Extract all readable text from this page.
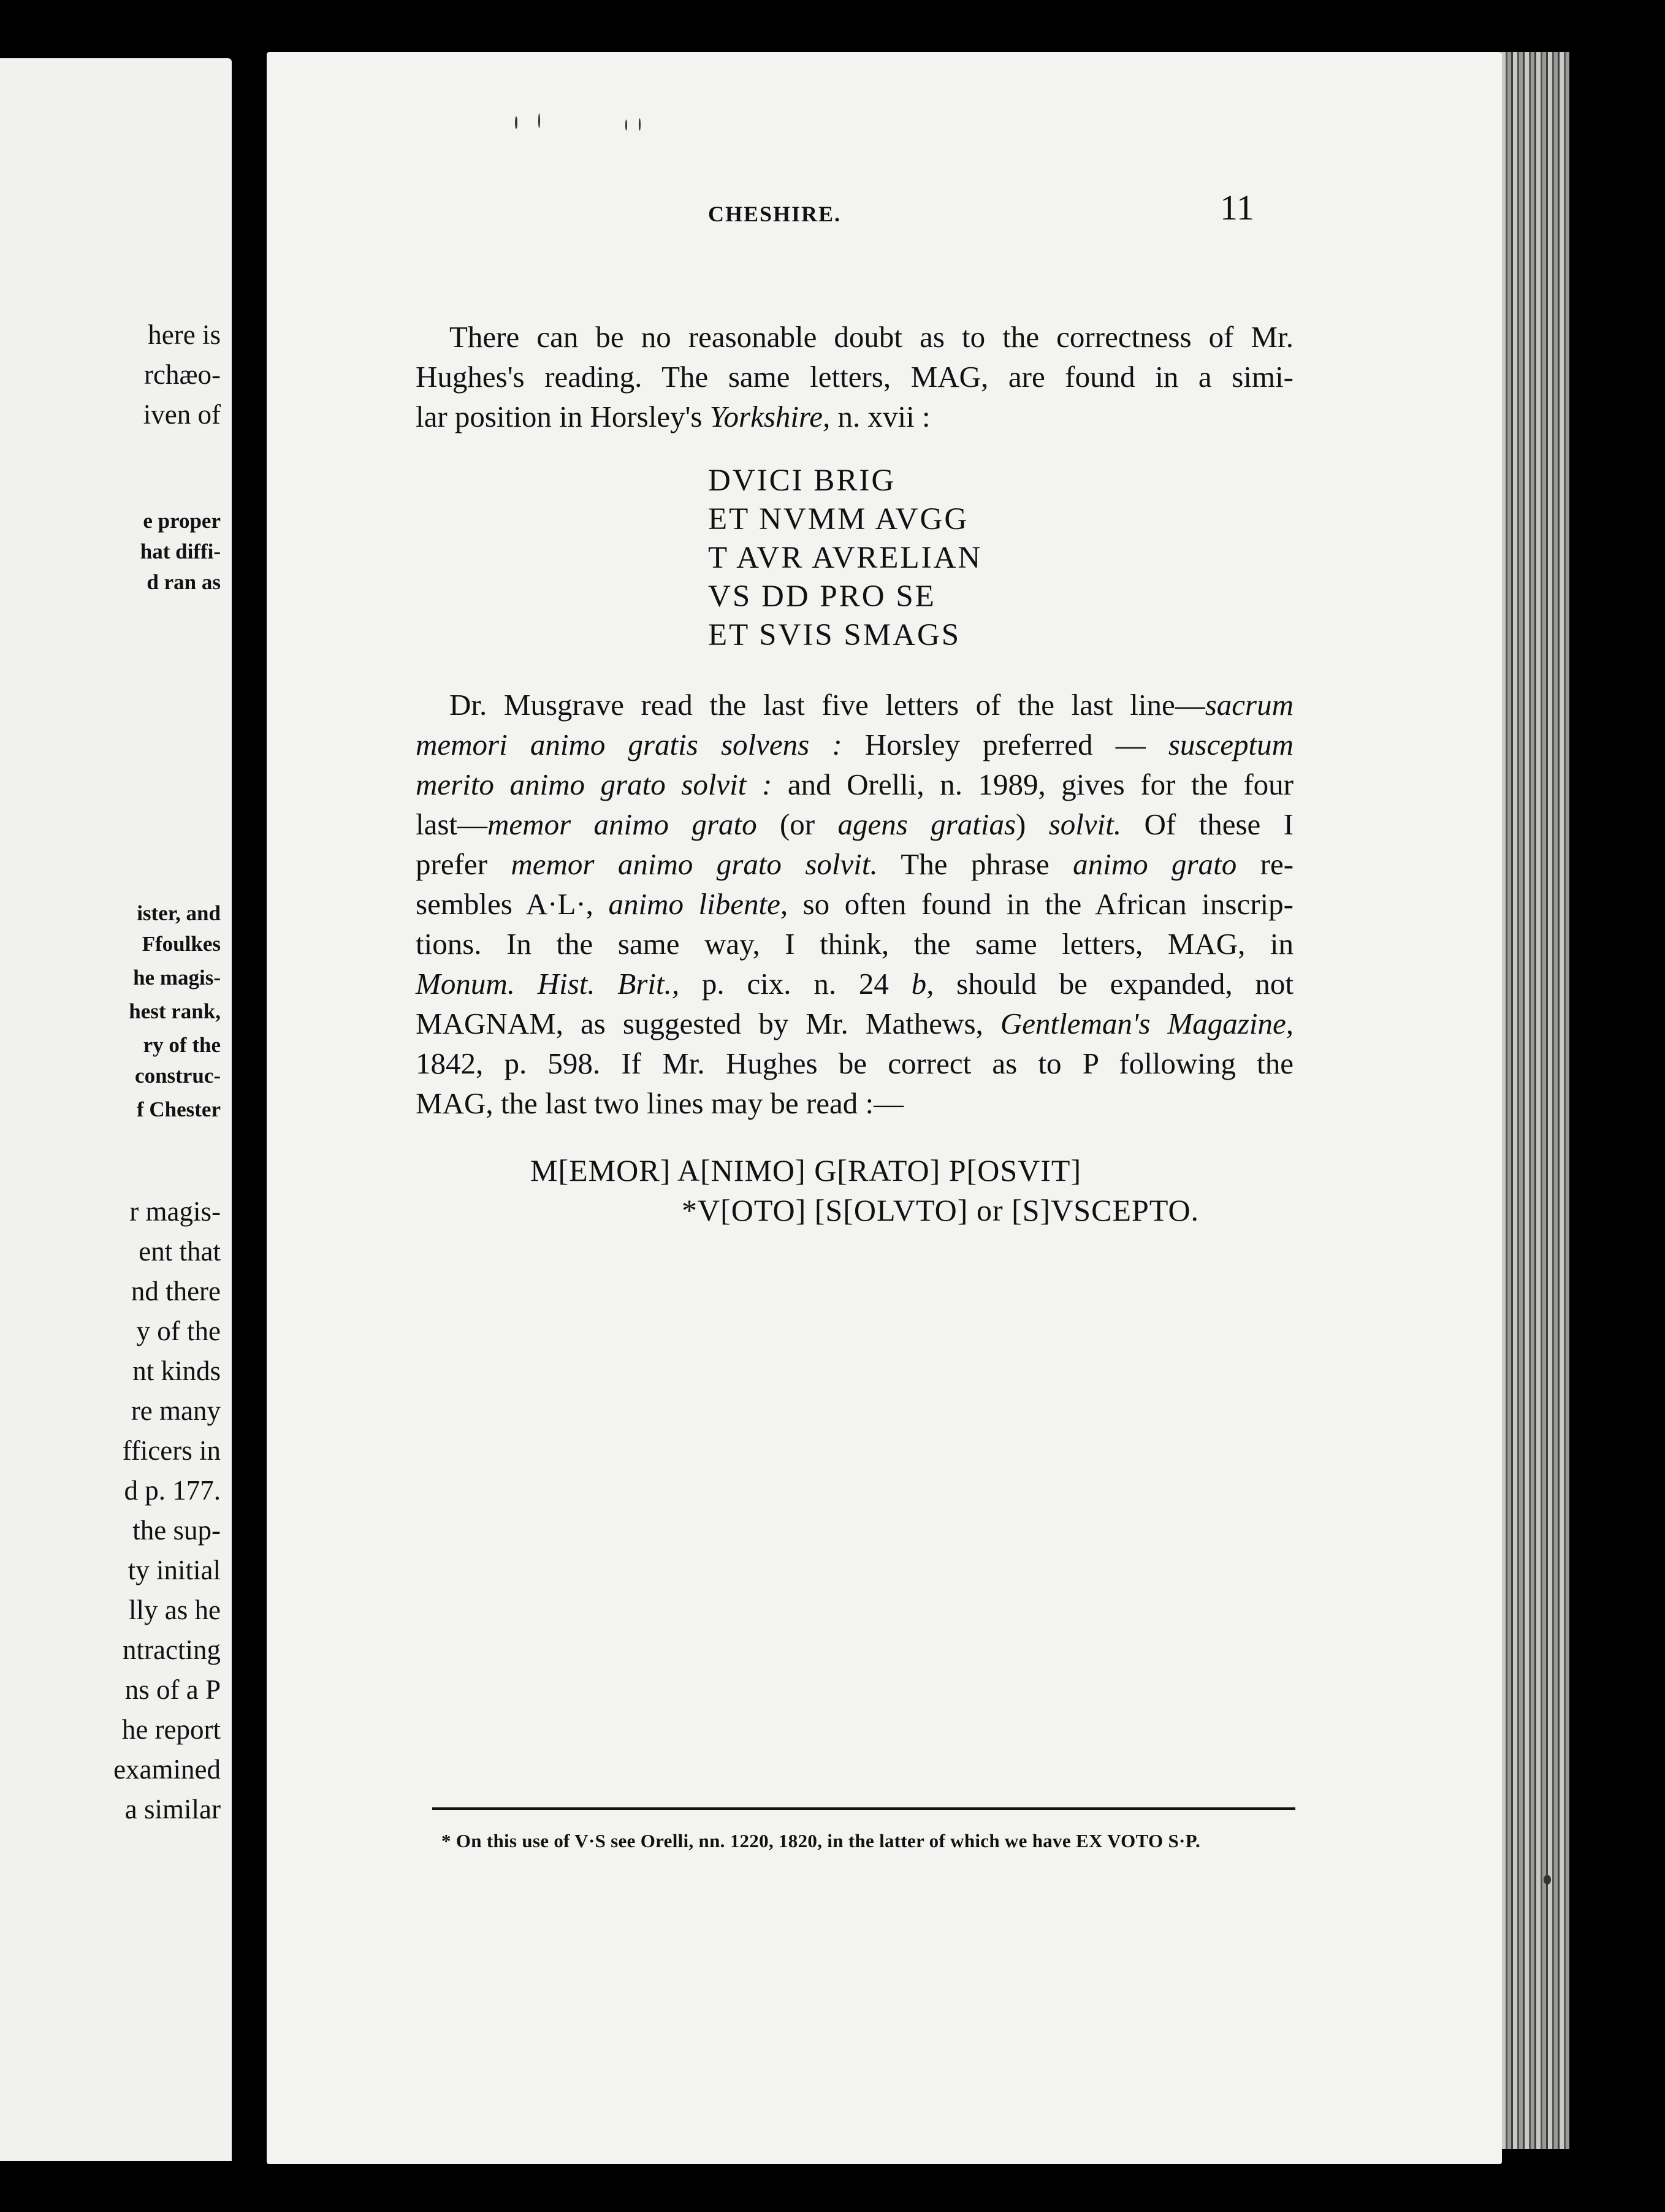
here is
rchæo-
iven of
e proper
hat diffi-
d ran as
ister, and
Ffoulkes
he magis-
hest rank,
ry of the
construc-
f Chester
r magis-
ent that
nd there
y of the
nt kinds
re many
fficers in
d p. 177.
the sup-
ty initial
lly as he
ntracting
ns of a P
he report
examined
a similar
CHESHIRE.	11
There can be no reasonable doubt as to the correctness of Mr.
Hughes's reading. The same letters, MAG, are found in a simi-
lar position in Horsley's Yorkshire, n. xvii :
DVICI BRIG
ET NVMM AVGG
T AVR AVRELIAN
VS DD PRO SE
ET SVIS SMAGS
Dr. Musgrave read the last five letters of the last line—sacrum
memori animo gratis solvens : Horsley preferred — susceptum
merito animo grato solvit : and Orelli, n. 1989, gives for the four
last—memor animo grato (or agens gratias) solvit. Of these I
prefer memor animo grato solvit. The phrase animo grato re-
sembles A·L·, animo libente, so often found in the African inscrip-
tions. In the same way, I think, the same letters, MAG, in
Monum. Hist. Brit., p. cix. n. 24 b, should be expanded, not
MAGNAM, as suggested by Mr. Mathews, Gentleman's Magazine,
1842, p. 598. If Mr. Hughes be correct as to P following the
MAG, the last two lines may be read :—
M[EMOR] A[NIMO] G[RATO] P[OSVIT]
*V[OTO] [S[OLVTO] or [S]VSCEPTO.
* On this use of V·S see Orelli, nn. 1220, 1820, in the latter of which we have EX VOTO S·P.
